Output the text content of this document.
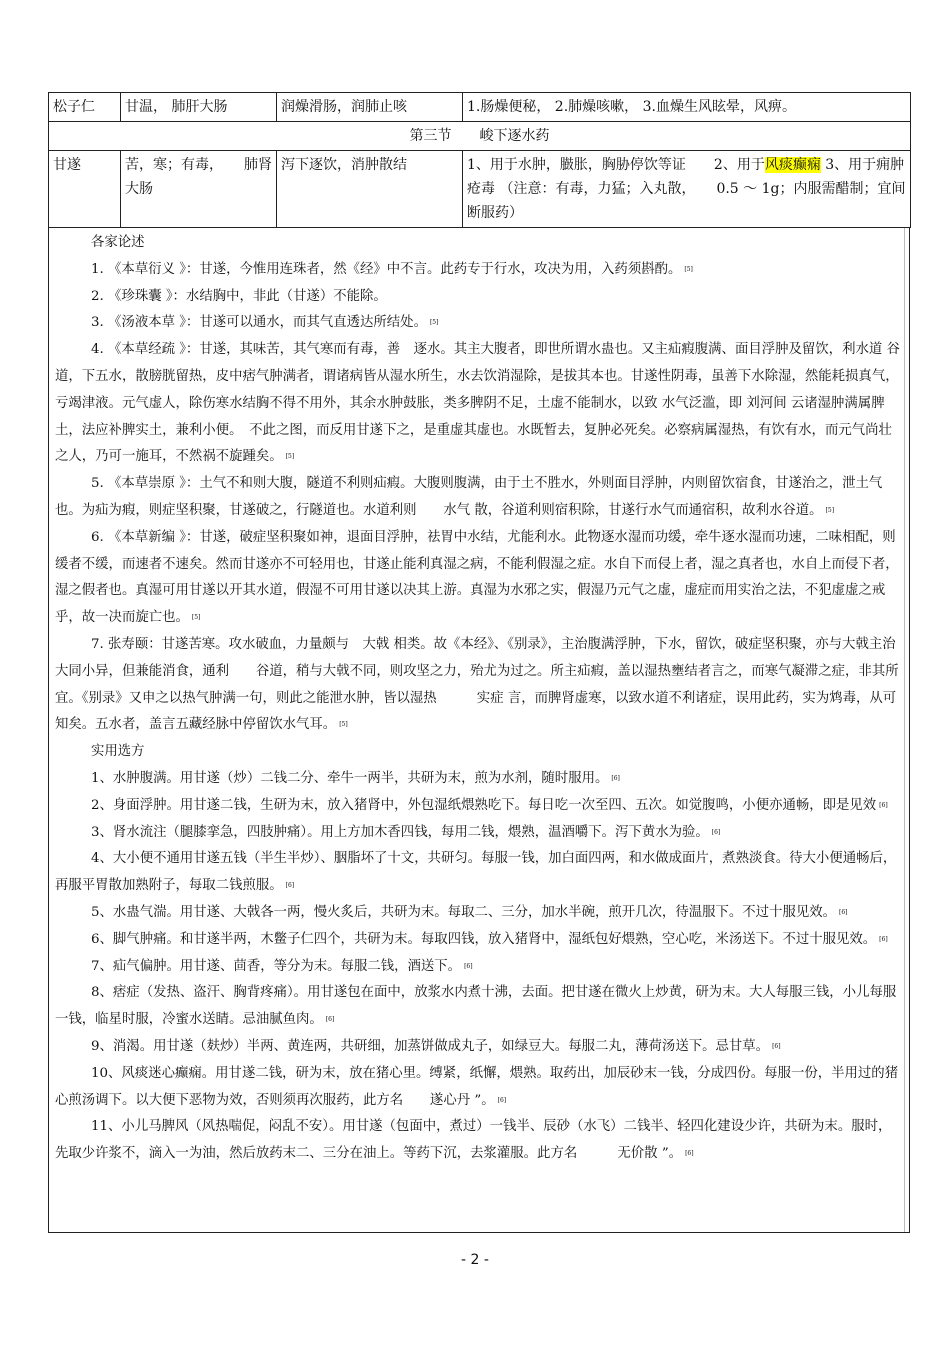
松子仁	甘温， 肺肝大肠	润燥滑肠，润肺止咳	1.肠燥便秘， 2.肺燥咳嗽， 3.血燥生风眩晕，风痹。
第三节　　峻下逐水药			
甘遂	苦，寒；有毒，　　肺肾大肠	泻下逐饮，消肿散结	1、用于水肿，臌胀，胸胁停饮等证　　2、用于风痰癫痫 3、用于痈肿疮毒 （注意：有毒，力猛；入丸散，　　0.5 ～ 1g；内服需醋制；宜间断服药）

各家论述

1. 《本草衍义 》：甘遂，今惟用连珠者，然《经》中不言。此药专于行水，攻决为用，入药须斟酌。 [5]

2. 《珍珠囊 》：水结胸中，非此（甘遂）不能除。

3. 《汤液本草 》：甘遂可以通水，而其气直透达所结处。 [5]

4. 《本草经疏 》：甘遂，其味苦，其气寒而有毒，善　逐水。其主大腹者，即世所谓水蛊也。又主疝瘕腹满、面目浮肿及留饮，利水道 谷道，下五水，散膀胱留热，皮中痞气肿满者，谓诸病皆从湿水所生，水去饮消湿除，是拔其本也。甘遂性阴毒，虽善下水除湿，然能耗损真气，亏竭津液。元气虚人，除伤寒水结胸不得不用外，其余水肿鼓胀，类多脾阴不足，土虚不能制水，以致 水气泛滥，即 刘河间 云诸湿肿满属脾土，法应补脾实土，兼利小便。　不此之图，而反用甘遂下之，是重虚其虚也。水既暂去，复肿必死矣。必察病属湿热，有饮有水，而元气尚壮之人，乃可一施耳，不然祸不旋踵矣。 [5]

5. 《本草崇原 》：土气不和则大腹，隧道不利则疝瘕。大腹则腹满，由于土不胜水，外则面目浮肿，内则留饮宿食，甘遂治之，泄土气也。为疝为瘕，则症坚积聚，甘遂破之，行隧道也。水道利则　　水气 散，谷道利则宿积除，甘遂行水气而通宿积，故利水谷道。 [5]

6. 《本草新编 》：甘遂，破症坚积聚如神，退面目浮肿，祛胃中水结，尤能利水。此物逐水湿而功缓，牵牛逐水湿而功速，二味相配，则缓者不缓，而速者不速矣。然而甘遂亦不可轻用也，甘遂止能利真湿之病，不能利假湿之症。水自下而侵上者，湿之真者也，水自上而侵下者，湿之假者也。真湿可用甘遂以开其水道，假湿不可用甘遂以决其上游。真湿为水邪之实，假湿乃元气之虚，虚症而用实治之法，不犯虚虚之戒乎，故一决而旋亡也。 [5]

7. 张寿颐：甘遂苦寒。攻水破血，力量颇与　大戟 相类。故《本经》、《别录》，主治腹满浮肿，下水，留饮，破症坚积聚，亦与大戟主治大同小异，但兼能消食，通利　　谷道，稍与大戟不同，则攻坚之力，殆尤为过之。所主疝瘕，盖以湿热壅结者言之，而寒气凝滞之症，非其所宜。《别录》又申之以热气肿满一句，则此之能泄水肿，皆以湿热　　　实症 言，而脾肾虚寒，以致水道不利诸症，误用此药，实为鸩毒，从可知矣。五水者，盖言五藏经脉中停留饮水气耳。 [5]

实用选方

1、水肿腹满。用甘遂（炒）二钱二分、牵牛一两半，共研为末，煎为水剂，随时服用。 [6]

2、身面浮肿。用甘遂二钱，生研为末，放入猪肾中，外包湿纸煨熟吃下。每日吃一次至四、五次。如觉腹鸣，小便亦通畅，即是见效 [6]

3、肾水流注（腿膝挛急，四肢肿痛）。用上方加木香四钱，每用二钱，煨熟，温酒嚼下。泻下黄水为验。 [6]

4、大小便不通用甘遂五钱（半生半炒）、胭脂坏了十文，共研匀。每服一钱，加白面四两，和水做成面片，煮熟淡食。待大小便通畅后，再服平胃散加熟附子，每取二钱煎服。 [6]

5、水蛊气湍。用甘遂、大戟各一两，慢火炙后，共研为末。每取二、三分，加水半碗，煎开几次，待温服下。不过十服见效。 [6]

6、脚气肿痛。和甘遂半两，木鳖子仁四个，共研为末。每取四钱，放入猪肾中，湿纸包好煨熟，空心吃，米汤送下。不过十服见效。 [6]

7、疝气偏肿。用甘遂、茴香，等分为末。每服二钱，酒送下。 [6]

8、痞症（发热、盗汗、胸背疼痛）。用甘遂包在面中，放浆水内煮十沸，去面。把甘遂在微火上炒黄，研为末。大人每服三钱，小儿每服一钱，临星时服，冷蜜水送睛。忌油腻鱼肉。 [6]

9、消渴。用甘遂（麸炒）半两、黄连两，共研细，加蒸饼做成丸子，如绿豆大。每服二丸，薄荷汤送下。忌甘草。 [6]

10、风痰迷心癫痫。用甘遂二钱，研为末，放在猪心里。缚紧，纸懈，煨熟。取药出，加辰砂末一钱，分成四份。每服一份，半用过的猪心煎汤调下。以大便下恶物为效，否则须再次服药，此方名　　遂心丹 ”。 [6]

11、小儿马脾风（风热喘促，闷乱不安）。用甘遂（包面中，煮过）一钱半、辰砂（水飞）二钱半、轻四化建设少许，共研为末。服时，先取少许浆不，滴入一为油，然后放药末二、三分在油上。等药下沉，去浆灌服。此方名　　　无价散 ”。 [6]

- 2 -
